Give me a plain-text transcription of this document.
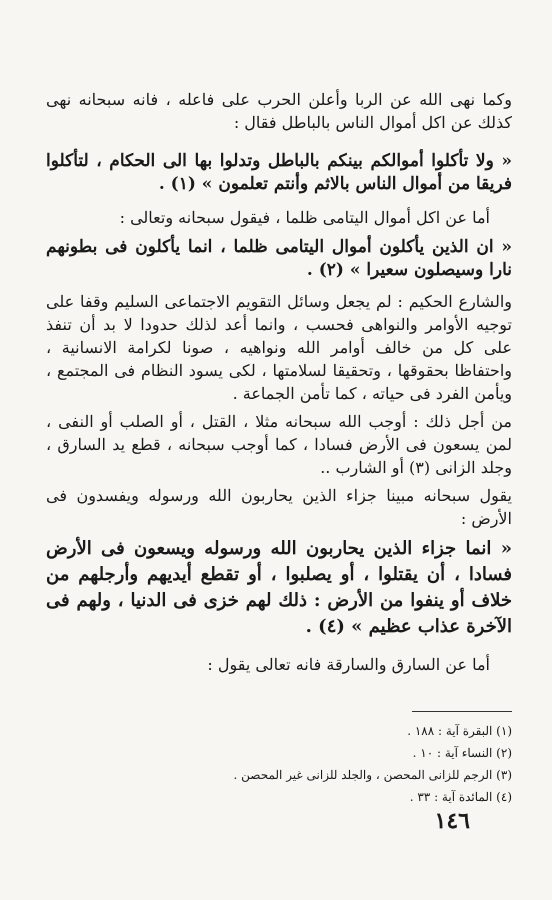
وكما نهى الله عن الربا وأعلن الحرب على فاعله ، فانه سبحانه نهى كذلك عن اكل أموال الناس بالباطل فقال :

« ولا تأكلوا أموالكم بينكم بالباطل وتدلوا بها الى الحكام ، لتأكلوا فريقا من أموال الناس بالاثم وأنتم تعلمون » (١) .

أما عن اكل أموال اليتامى ظلما ، فيقول سبحانه وتعالى :

« ان الذين يأكلون أموال اليتامى ظلما ، انما يأكلون فى بطونهم نارا وسيصلون سعيرا » (٢) .

والشارع الحكيم : لم يجعل وسائل التقويم الاجتماعى السليم وقفا على توجيه الأوامر والنواهى فحسب ، وانما أعد لذلك حدودا لا بد أن تنفذ على كل من خالف أوامر الله ونواهيه ، صونا لكرامة الانسانية ، واحتفاظا بحقوقها ، وتحقيقا لسلامتها ، لكى يسود النظام فى المجتمع ، ويأمن الفرد فى حياته ، كما تأمن الجماعة .

من أجل ذلك : أوجب الله سبحانه مثلا ، القتل ، أو الصلب أو النفى ، لمن يسعون فى الأرض فسادا ، كما أوجب سبحانه ، قطع يد السارق ، وجلد الزانى (٣) أو الشارب ..

يقول سبحانه مبينا جزاء الذين يحاربون الله ورسوله ويفسدون فى الأرض :

« انما جزاء الذين يحاربون الله ورسوله ويسعون فى الأرض فسادا ، أن يقتلوا ، أو يصلبوا ، أو تقطع أيديهم وأرجلهم من خلاف أو ينفوا من الأرض : ذلك لهم خزى فى الدنيا ، ولهم فى الآخرة عذاب عظيم » (٤) .

أما عن السارق والسارقة فانه تعالى يقول :

(١) البقرة آية : ١٨٨ .
(٢) النساء آية : ١٠ .
(٣) الرجم للزانى المحصن ، والجلد للزانى غير المحصن .
(٤) المائدة آية : ٣٣ .
١٤٦
